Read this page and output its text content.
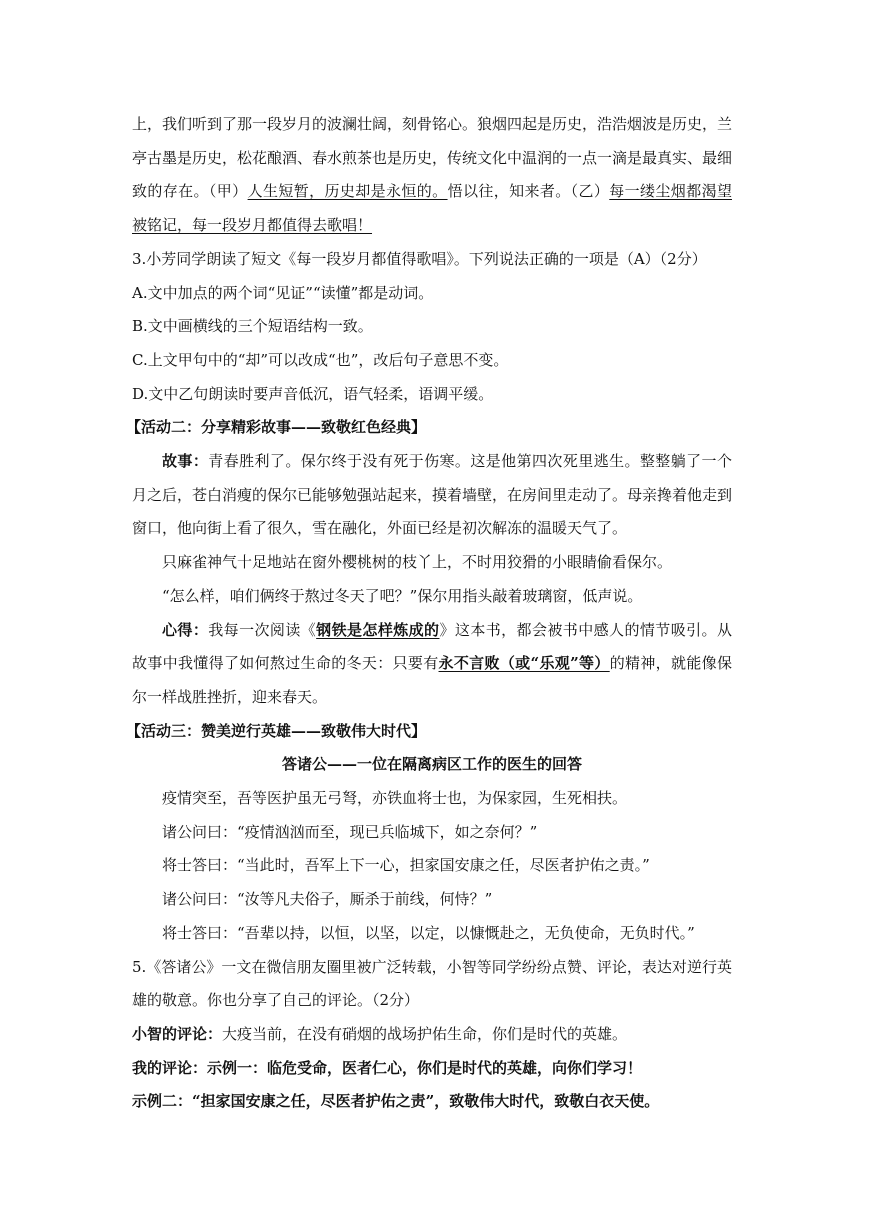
上，我们听到了那一段岁月的波澜壮阔，刻骨铭心。狼烟四起是历史，浩浩烟波是历史，兰亭古墨是历史，松花酿酒、春水煎茶也是历史，传统文化中温润的一点一滴是最真实、最细致的存在。（甲）人生短暂，历史却是永恒的。悟以往，知来者。（乙）每一缕尘烟都渴望被铭记，每一段岁月都值得去歌唱！

3.小芳同学朗读了短文《每一段岁月都值得歌唱》。下列说法正确的一项是（A）（2分）

A.文中加点的两个词“见证”“读懂”都是动词。

B.文中画横线的三个短语结构一致。

C.上文甲句中的“却”可以改成“也”，改后句子意思不变。

D.文中乙句朗读时要声音低沉，语气轻柔，语调平缓。

【活动二：分享精彩故事——致敬红色经典】

故事：青春胜利了。保尔终于没有死于伤寒。这是他第四次死里逃生。整整躺了一个月之后，苍白消瘦的保尔已能够勉强站起来，摸着墙壁，在房间里走动了。母亲搀着他走到窗口，他向街上看了很久，雪在融化，外面已经是初次解冻的温暖天气了。

只麻雀神气十足地站在窗外樱桃树的枝丫上，不时用狡猾的小眼睛偷看保尔。

“怎么样，咱们俩终于熬过冬天了吧？”保尔用指头敲着玻璃窗，低声说。

心得：我每一次阅读《钢铁是怎样炼成的》这本书，都会被书中感人的情节吸引。从故事中我懂得了如何熬过生命的冬天：只要有永不言败（或“乐观”等）的精神，就能像保尔一样战胜挫折，迎来春天。

【活动三：赞美逆行英雄——致敬伟大时代】

答诸公——一位在隔离病区工作的医生的回答

疫情突至，吾等医护虽无弓弩，亦铁血将士也，为保家园，生死相扶。

诸公问曰：“疫情汹汹而至，现已兵临城下，如之奈何？”

将士答曰：“当此时，吾军上下一心，担家国安康之任，尽医者护佑之责。”

诸公问曰：“汝等凡夫俗子，厮杀于前线，何恃？”

将士答曰：“吾辈以持，以恒，以坚，以定，以慷慨赴之，无负使命，无负时代。”

5.《答诸公》一文在微信朋友圈里被广泛转载，小智等同学纷纷点赞、评论，表达对逆行英雄的敬意。你也分享了自己的评论。（2分）

小智的评论：大疫当前，在没有硝烟的战场护佑生命，你们是时代的英雄。

我的评论：示例一：临危受命，医者仁心，你们是时代的英雄，向你们学习！

示例二：“担家国安康之任，尽医者护佑之责”，致敬伟大时代，致敬白衣天使。
